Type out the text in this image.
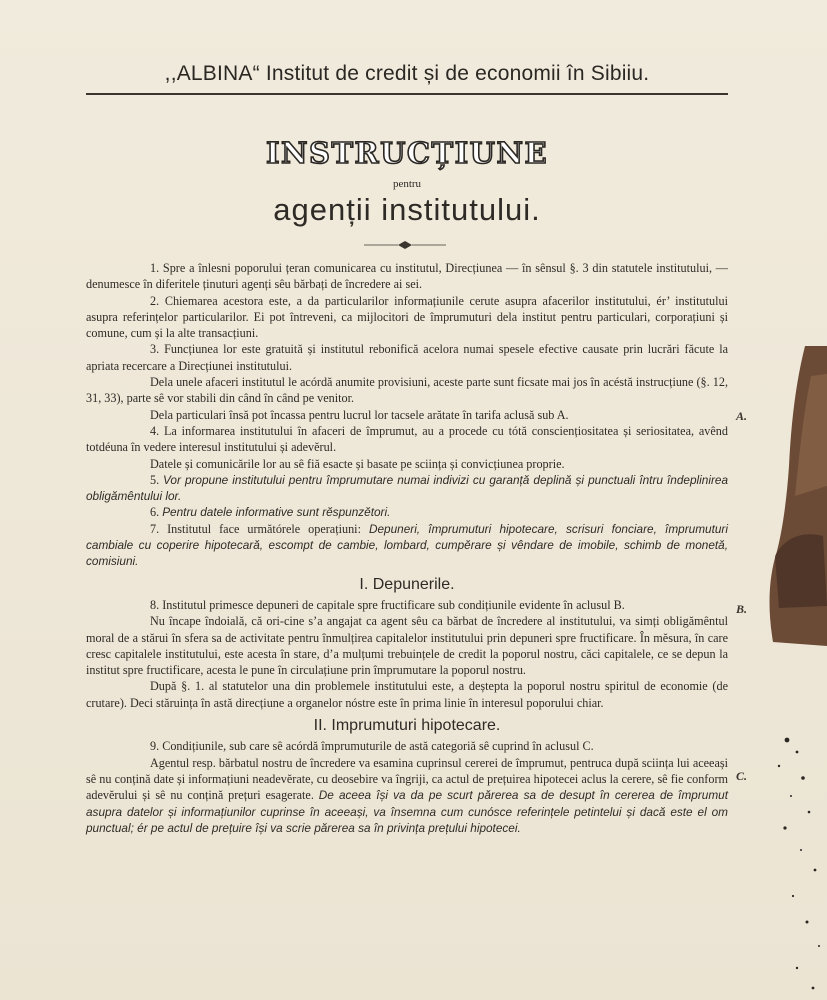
,,ALBINA“ Institut de credit și de economii în Sibiiu.
INSTRUCȚIUNE
pentru
agenții institutului.

1. Spre a înlesni poporului țeran comunicarea cu institutul, Direcțiunea — în sênsul §. 3 din statutele institutului, — denumesce în diferitele ținuturi agenți sêu bărbați de încredere ai sei.

2. Chiemarea acestora este, a da particularilor informațiunile cerute asupra afacerilor institutului, ér’ institutului asupra referințelor particularilor. Ei pot întreveni, ca mijlocitori de împrumuturi dela institut pentru particulari, corporațiuni și comune, cum și la alte transacțiuni.

3. Funcțiunea lor este gratuită și institutul rebonifică acelora numai spesele efective causate prin lucrări făcute la apriata recercare a Direcțiunei institutului.

Dela unele afaceri institutul le acórdă anumite provisiuni, aceste parte sunt ficsate mai jos în acéstă instrucțiune (§. 12, 31, 33), parte sê vor stabili din când în când pe venitor.

Dela particulari însă pot încassa pentru lucrul lor tacsele arătate în tarifa aclusă sub A.

4. La informarea institutului în afaceri de împrumut, au a procede cu tótă consciențiositatea și seriositatea, avênd totdéuna în vedere interesul institutului și adevĕrul.

Datele și comunicările lor au sê fiă esacte și basate pe sciința și convicțiunea proprie.

5. Vor propune institutului pentru împrumutare numai indivizi cu garanță deplină și punctuali întru îndeplinirea obligămêntului lor.

6. Pentru datele informative sunt rĕspunzĕtori.

7. Institutul face următórele operațiuni: Depuneri, împrumuturi hipotecare, scrisuri fonciare, împrumuturi cambiale cu coperire hipotecară, escompt de cambie, lombard, cumpĕrare și vêndare de imobile, schimb de monetă, comisiuni.

I. Depunerile.

8. Institutul primesce depuneri de capitale spre fructificare sub condițiunile evidente în aclusul B.

Nu încape îndoială, că ori-cine s’a angajat ca agent sêu ca bărbat de încredere al institutului, va simți obligămêntul moral de a stărui în sfera sa de activitate pentru înmulțirea capitalelor institutului prin depuneri spre fructificare. În mĕsura, în care cresc capitalele institutului, este acesta în stare, d’a mulțumi trebuințele de credit la poporul nostru, căci capitalele, ce se depun la institut spre fructificare, acesta le pune în circulațiune prin împrumutare la poporul nostru.

După §. 1. al statutelor una din problemele institutului este, a deștepta la poporul nostru spiritul de economie (de crutare). Deci stăruința în astă direcțiune a organelor nóstre este în prima linie în interesul poporului chiar.

II. Imprumuturi hipotecare.

9. Condițiunile, sub care sê acórdă împrumuturile de astă categoriă sê cuprind în aclusul C.

Agentul resp. bărbatul nostru de încredere va esamina cuprinsul cererei de împrumut, pentruca după sciința lui aceeași sê nu conțină date și informațiuni neadevĕrate, cu deosebire va îngriji, ca actul de prețuirea hipotecei aclus la cerere, sê fie conform adevĕrului și sê nu conțină prețuri esagerate. De aceea își va da pe scurt părerea sa de desupt în cererea de împrumut asupra datelor și informațiunilor cuprinse în aceeași, va însemna cum cunósce referințele petintelui și dacă este el om punctual; ér pe actul de prețuire își va scrie părerea sa în privința prețului hipotecei.

A.
B.
C.
